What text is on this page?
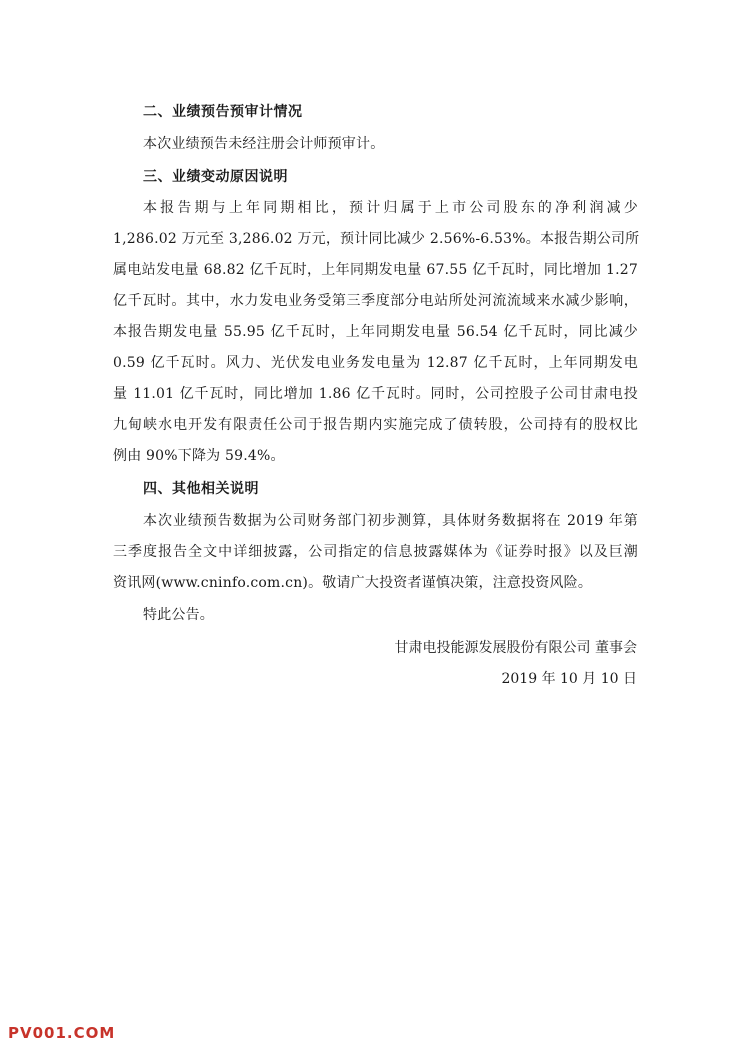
二、业绩预告预审计情况
本次业绩预告未经注册会计师预审计。
三、业绩变动原因说明
本报告期与上年同期相比，预计归属于上市公司股东的净利润减少
1,286.02 万元至 3,286.02 万元，预计同比减少 2.56%-6.53%。本报告期公司所
属电站发电量 68.82 亿千瓦时，上年同期发电量 67.55 亿千瓦时，同比增加 1.27
亿千瓦时。其中，水力发电业务受第三季度部分电站所处河流流域来水减少影响，
本报告期发电量 55.95 亿千瓦时，上年同期发电量 56.54 亿千瓦时，同比减少
0.59 亿千瓦时。风力、光伏发电业务发电量为 12.87 亿千瓦时，上年同期发电
量 11.01 亿千瓦时，同比增加 1.86 亿千瓦时。同时，公司控股子公司甘肃电投
九甸峡水电开发有限责任公司于报告期内实施完成了债转股，公司持有的股权比
例由 90%下降为 59.4%。
四、其他相关说明
本次业绩预告数据为公司财务部门初步测算，具体财务数据将在 2019 年第
三季度报告全文中详细披露，公司指定的信息披露媒体为《证券时报》以及巨潮
资讯网(www.cninfo.com.cn)。敬请广大投资者谨慎决策，注意投资风险。
特此公告。
甘肃电投能源发展股份有限公司 董事会
2019 年 10 月 10 日
PV001.COM
